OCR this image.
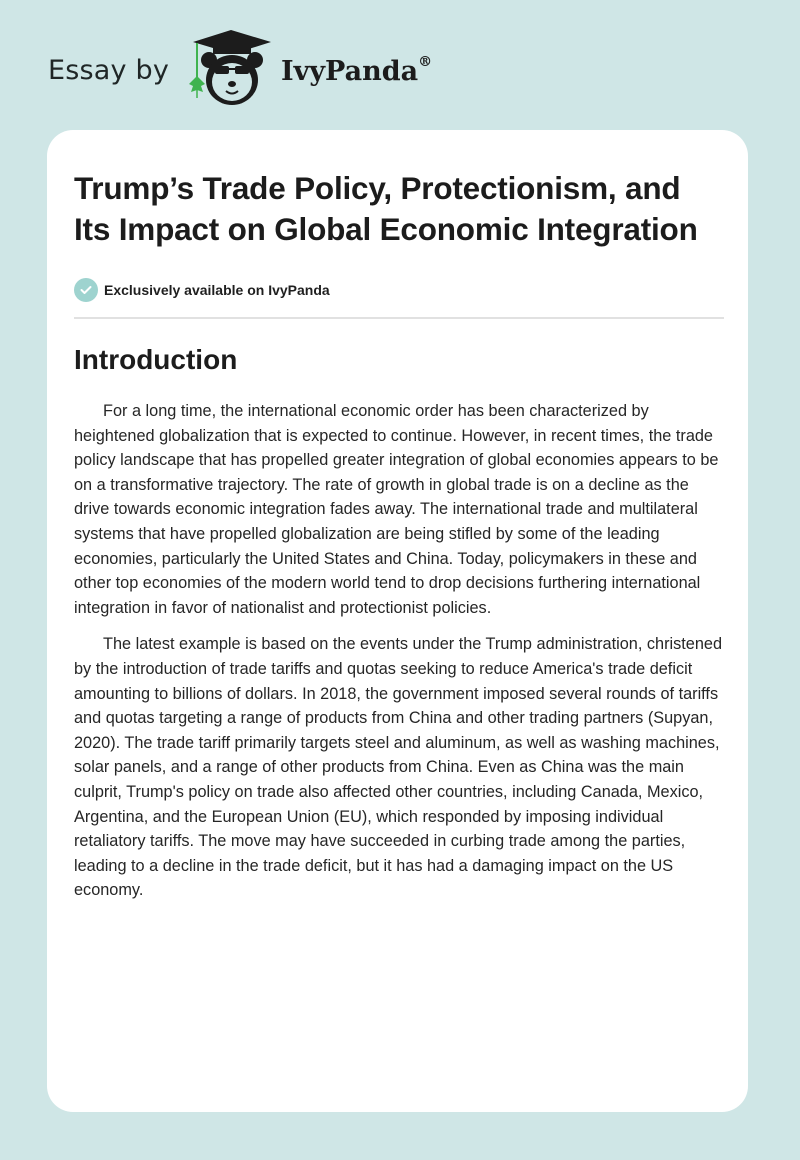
Essay by	IvyPanda®
Trump’s Trade Policy, Protectionism, and Its Impact on Global Economic Integration
Exclusively available on IvyPanda
Introduction

For a long time, the international economic order has been characterized by heightened globalization that is expected to continue. However, in recent times, the trade policy landscape that has propelled greater integration of global economies appears to be on a transformative trajectory. The rate of growth in global trade is on a decline as the drive towards economic integration fades away. The international trade and multilateral systems that have propelled globalization are being stifled by some of the leading economies, particularly the United States and China. Today, policymakers in these and other top economies of the modern world tend to drop decisions furthering international integration in favor of nationalist and protectionist policies.

The latest example is based on the events under the Trump administration, christened by the introduction of trade tariffs and quotas seeking to reduce America's trade deficit amounting to billions of dollars. In 2018, the government imposed several rounds of tariffs and quotas targeting a range of products from China and other trading partners (Supyan, 2020). The trade tariff primarily targets steel and aluminum, as well as washing machines, solar panels, and a range of other products from China. Even as China was the main culprit, Trump's policy on trade also affected other countries, including Canada, Mexico, Argentina, and the European Union (EU), which responded by imposing individual retaliatory tariffs. The move may have succeeded in curbing trade among the parties, leading to a decline in the trade deficit, but it has had a damaging impact on the US economy.
